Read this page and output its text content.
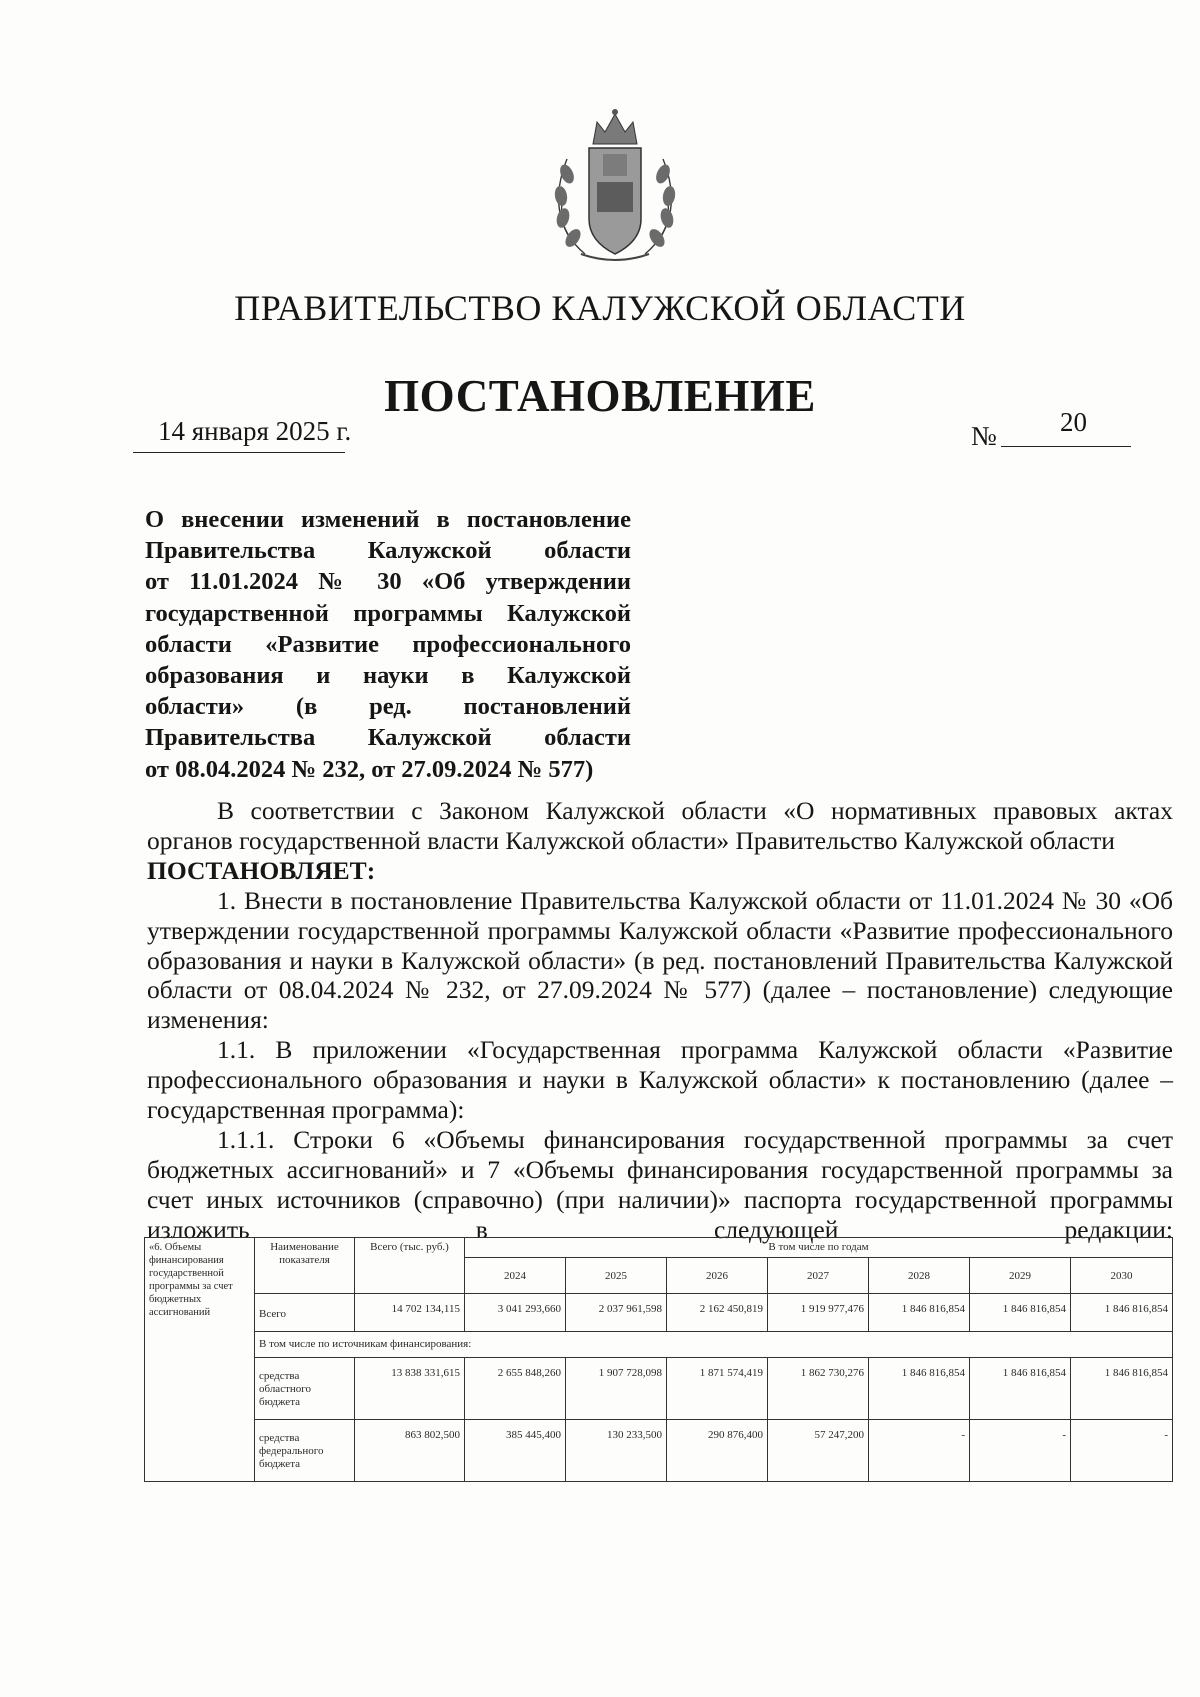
ПРАВИТЕЛЬСТВО КАЛУЖСКОЙ ОБЛАСТИ
ПОСТАНОВЛЕНИЕ
14 января 2025 г.	№ 20
О внесении изменений в постановление
Правительства Калужской области
от 11.01.2024 № 30 «Об утверждении
государственной программы Калужской
области «Развитие профессионального
образования и науки в Калужской
области» (в ред. постановлений
Правительства Калужской области
от 08.04.2024 № 232, от 27.09.2024 № 577)

В соответствии с Законом Калужской области «О нормативных правовых актах органов государственной власти Калужской области» Правительство Калужской области

ПОСТАНОВЛЯЕТ:

1. Внести в постановление Правительства Калужской области от 11.01.2024 № 30 «Об утверждении государственной программы Калужской области «Развитие профессионального образования и науки в Калужской области» (в ред. постановлений Правительства Калужской области от 08.04.2024 № 232, от 27.09.2024 № 577) (далее – постановление) следующие изменения:

1.1. В приложении «Государственная программа Калужской области «Развитие профессионального образования и науки в Калужской области» к постановлению (далее – государственная программа):

1.1.1. Строки 6 «Объемы финансирования государственной программы за счет бюджетных ассигнований» и 7 «Объемы финансирования государственной программы за счет иных источников (справочно) (при наличии)» паспорта государственной программы изложить в следующей редакции:

«6. Объемы финансирования государственной программы за счет бюджетных ассигнований	Наименование показателя	Всего (тыс. руб.)	В том числе по годам						
			2024	2025	2026	2027	2028	2029	2030
	Всего	14 702 134,115	3 041 293,660	2 037 961,598	2 162 450,819	1 919 977,476	1 846 816,854	1 846 816,854	1 846 816,854
	В том числе по источникам финансирования:								
	средства областного бюджета	13 838 331,615	2 655 848,260	1 907 728,098	1 871 574,419	1 862 730,276	1 846 816,854	1 846 816,854	1 846 816,854
	средства федерального бюджета	863 802,500	385 445,400	130 233,500	290 876,400	57 247,200	-	-	-
